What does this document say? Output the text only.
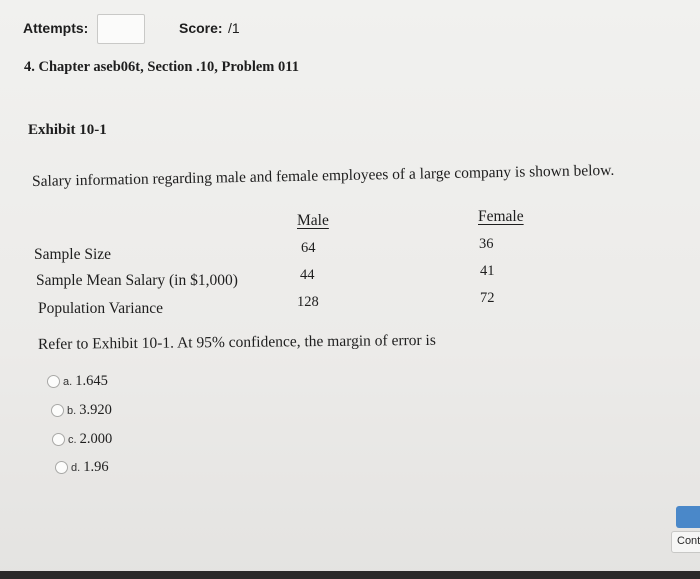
Attempts:	Score: /1
4. Chapter aseb06t, Section .10, Problem 011
Exhibit 10-1
Salary information regarding male and female employees of a large company is shown below.
Male	Female
Sample Size	64	36
Sample Mean Salary (in $1,000)	44	41
Population Variance	128	72
Refer to Exhibit 10-1. At 95% confidence, the margin of error is
a. 1.645
b. 3.920
c. 2.000
d. 1.96
Cont
